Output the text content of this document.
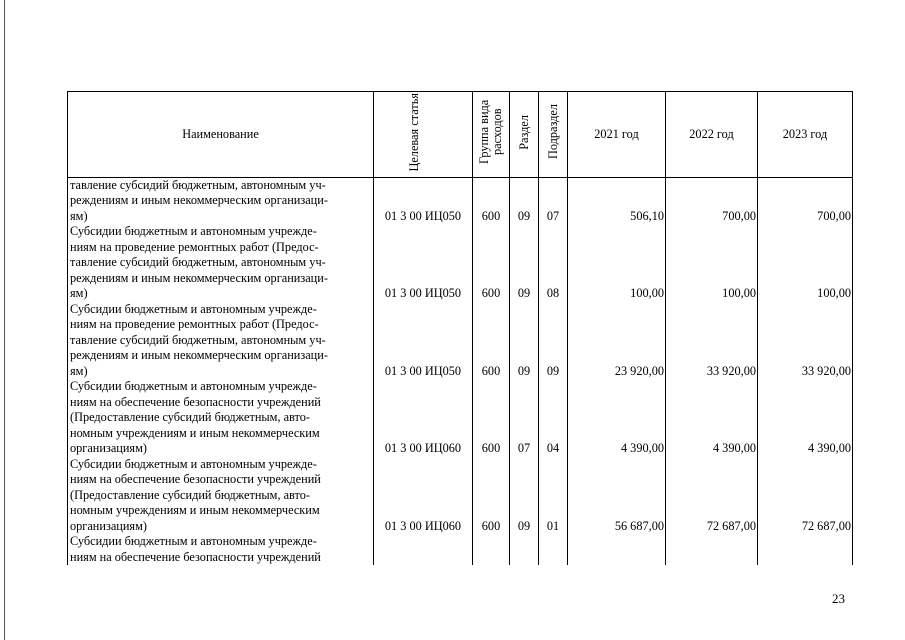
Наименование	Целевая статья	Группа вида расходов	Раздел	Подраздел	2021 год	2022 год	2023 год

тавление субсидий бюджетным, автономным уч-
реждениям и иным некоммерческим организаци-
ям)	01 3 00 ИЦ050	600	09	07	506,10	700,00	700,00

Субсидии бюджетным и автономным учрежде-
ниям на проведение ремонтных работ (Предос-
тавление субсидий бюджетным, автономным уч-
реждениям и иным некоммерческим организаци-
ям)	01 3 00 ИЦ050	600	09	08	100,00	100,00	100,00

Субсидии бюджетным и автономным учрежде-
ниям на проведение ремонтных работ (Предос-
тавление субсидий бюджетным, автономным уч-
реждениям и иным некоммерческим организаци-
ям)	01 3 00 ИЦ050	600	09	09	23 920,00	33 920,00	33 920,00

Субсидии бюджетным и автономным учрежде-
ниям на обеспечение безопасности учреждений
(Предоставление субсидий бюджетным, авто-
номным учреждениям и иным некоммерческим
организациям)	01 3 00 ИЦ060	600	07	04	4 390,00	4 390,00	4 390,00

Субсидии бюджетным и автономным учрежде-
ниям на обеспечение безопасности учреждений
(Предоставление субсидий бюджетным, авто-
номным учреждениям и иным некоммерческим
организациям)	01 3 00 ИЦ060	600	09	01	56 687,00	72 687,00	72 687,00

Субсидии бюджетным и автономным учрежде-
ниям на обеспечение безопасности учреждений							

23
